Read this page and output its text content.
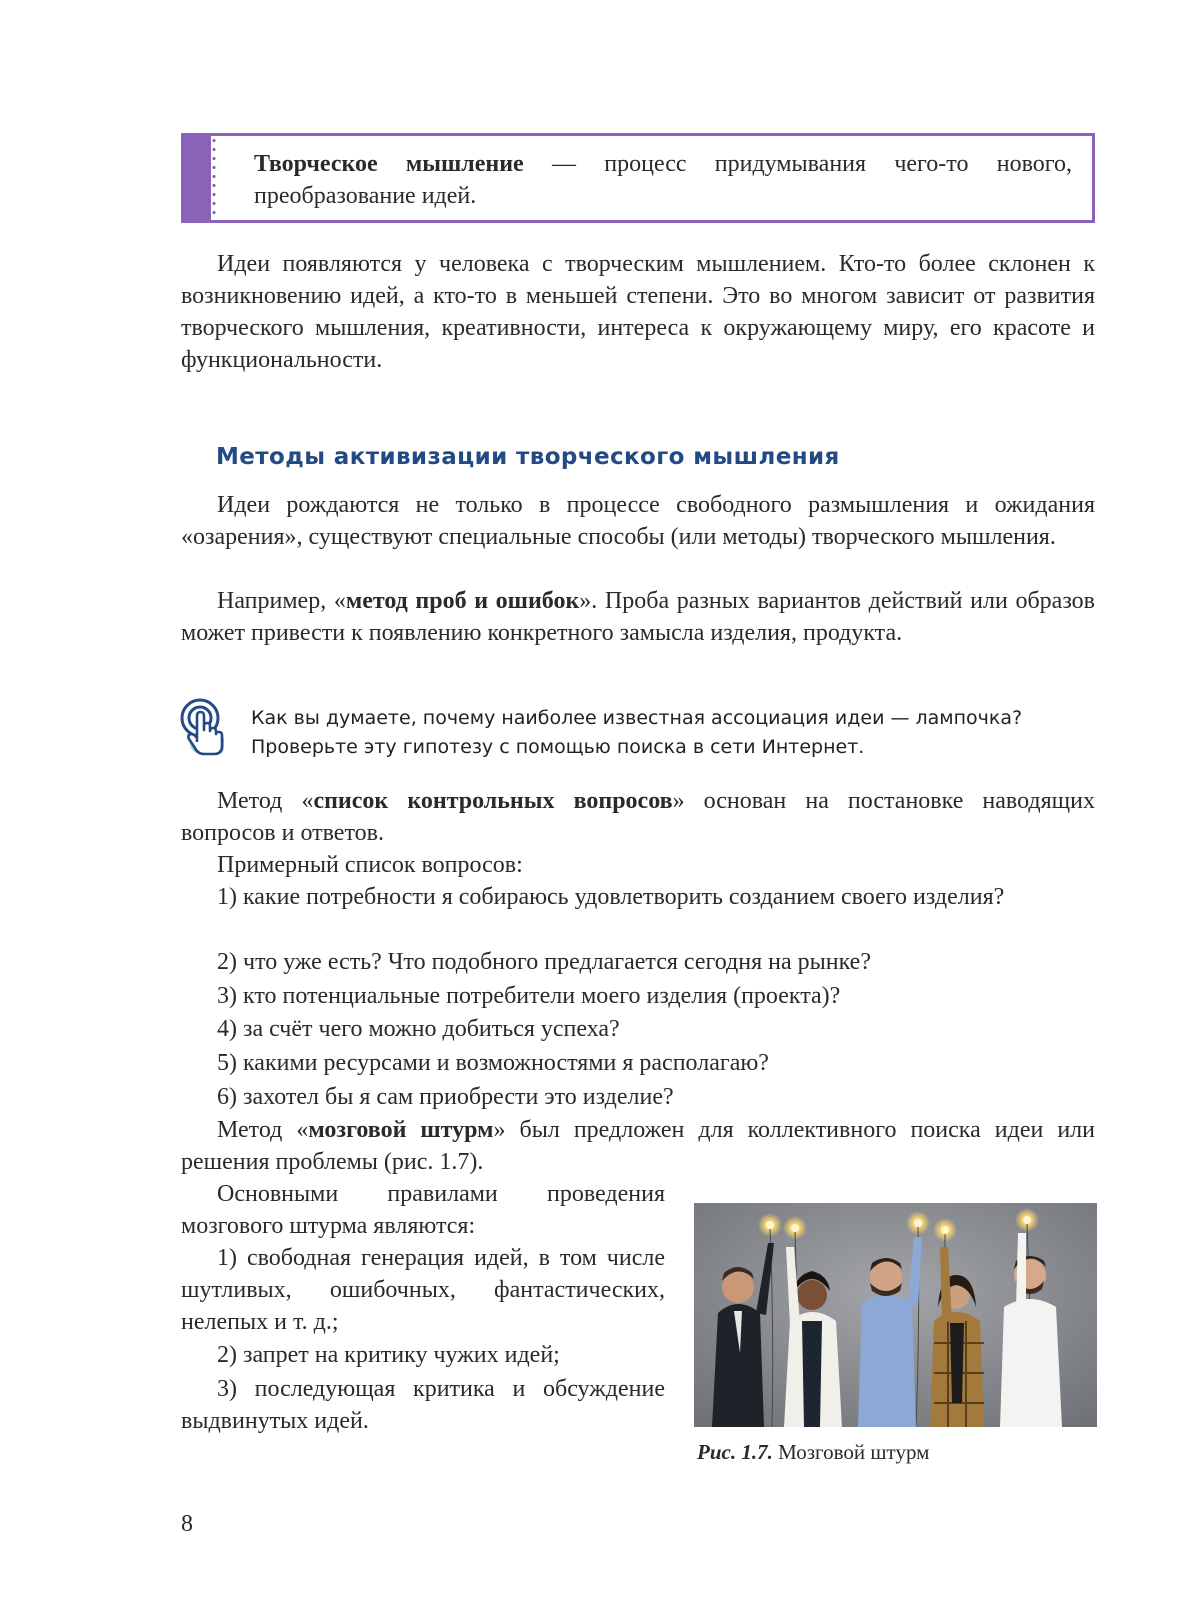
Творческое мышление — процесс придумывания чего-то нового, преобразование идей.

Идеи появляются у человека с творческим мышлением. Кто-то более склонен к возникновению идей, а кто-то в меньшей степени. Это во многом зависит от развития творческого мышления, креативности, интереса к окружающему миру, его красоте и функциональности.

Методы активизации творческого мышления

Идеи рождаются не только в процессе свободного размышления и ожидания «озарения», существуют специальные способы (или методы) творческого мышления.

Например, «метод проб и ошибок». Проба разных вариантов действий или образов может привести к появлению конкретного замысла изделия, продукта.

Как вы думаете, почему наиболее известная ассоциация идеи — лампочка?
Проверьте эту гипотезу с помощью поиска в сети Интернет.

Метод «список контрольных вопросов» основан на постановке наводящих вопросов и ответов.

Примерный список вопросов:

1) какие потребности я собираюсь удовлетворить созданием своего изделия?

2) что уже есть? Что подобного предлагается сегодня на рынке?

3) кто потенциальные потребители моего изделия (проекта)?

4) за счёт чего можно добиться успеха?

5) какими ресурсами и возможностями я располагаю?

6) захотел бы я сам приобрести это изделие?

Метод «мозговой штурм» был предложен для коллективного поиска идеи или решения проблемы (рис. 1.7).

Основными правилами проведения мозгового штурма являются:

1) свободная генерация идей, в том числе шутливых, ошибочных, фантастических, нелепых и т. д.;

2) запрет на критику чужих идей;

3) последующая критика и обсуждение выдвинутых идей.

Рис. 1.7. Мозговой штурм

8
